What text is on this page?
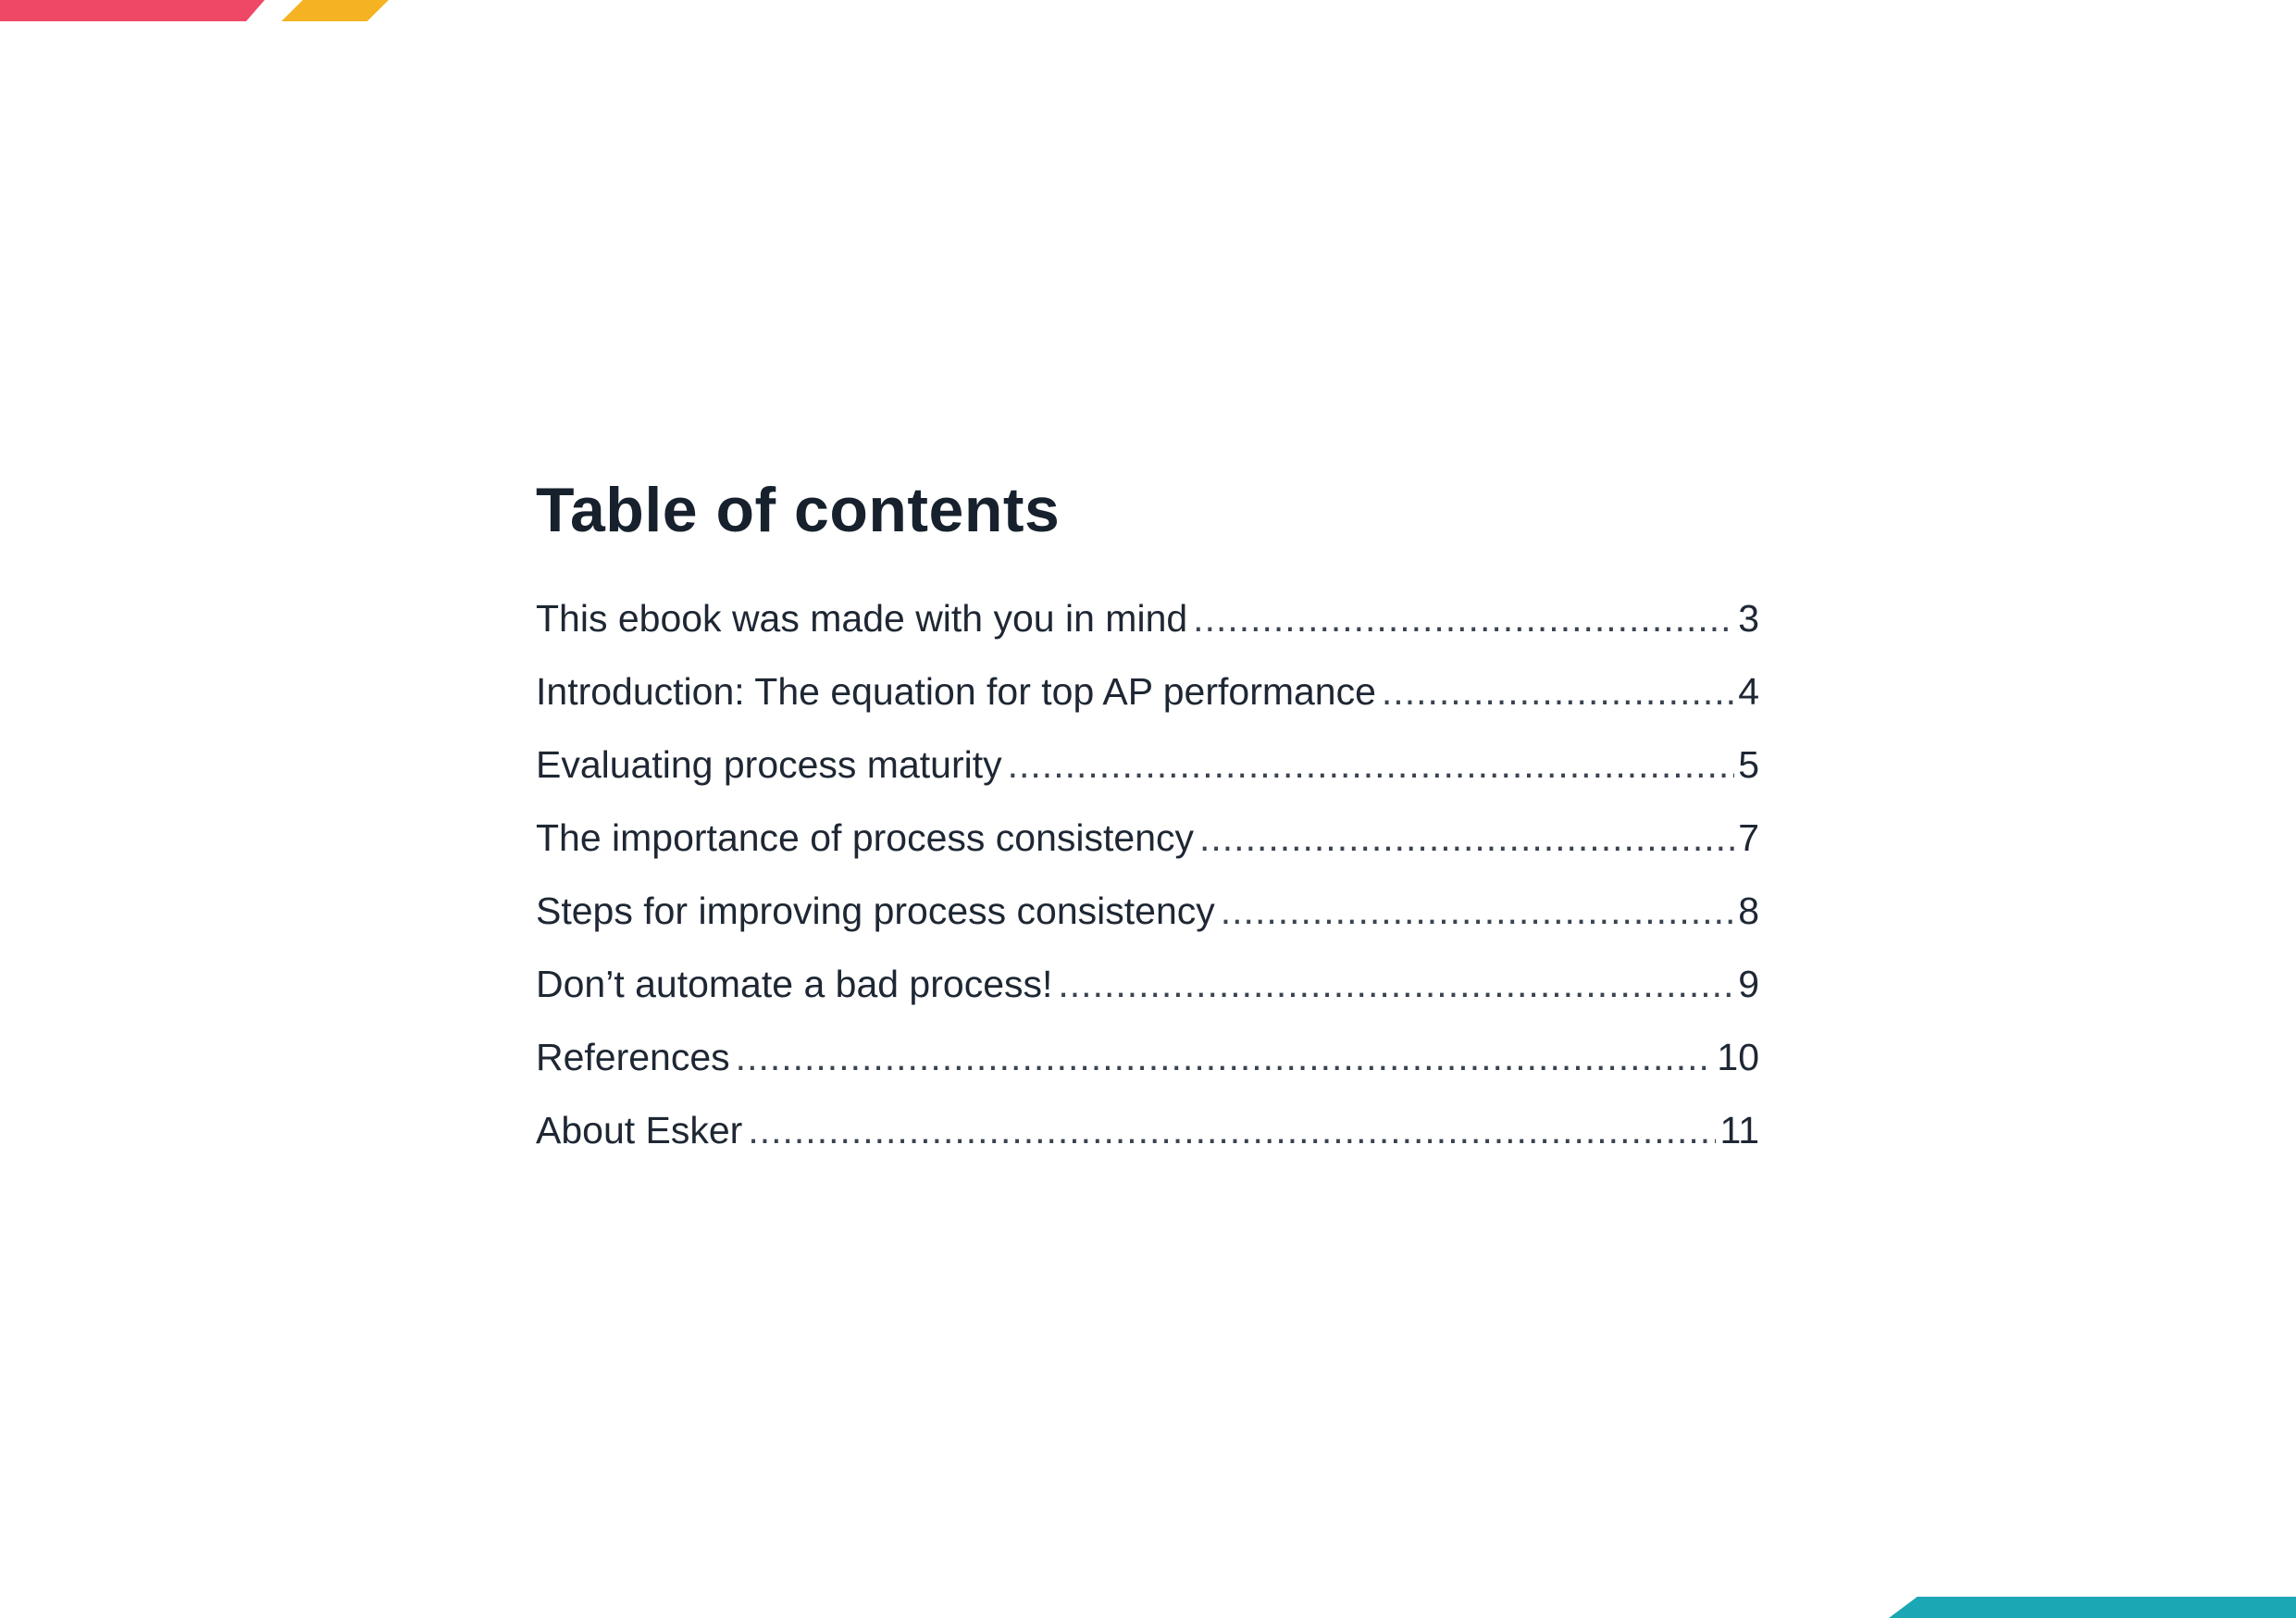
Table of contents
This ebook was made with you in mind .....	3
Introduction: The equation for top AP performance .....	4
Evaluating process maturity .....	5
The importance of process consistency .....	7
Steps for improving process consistency .....	8
Don’t automate a bad process! .....	9
References .....	10
About Esker .....	11
